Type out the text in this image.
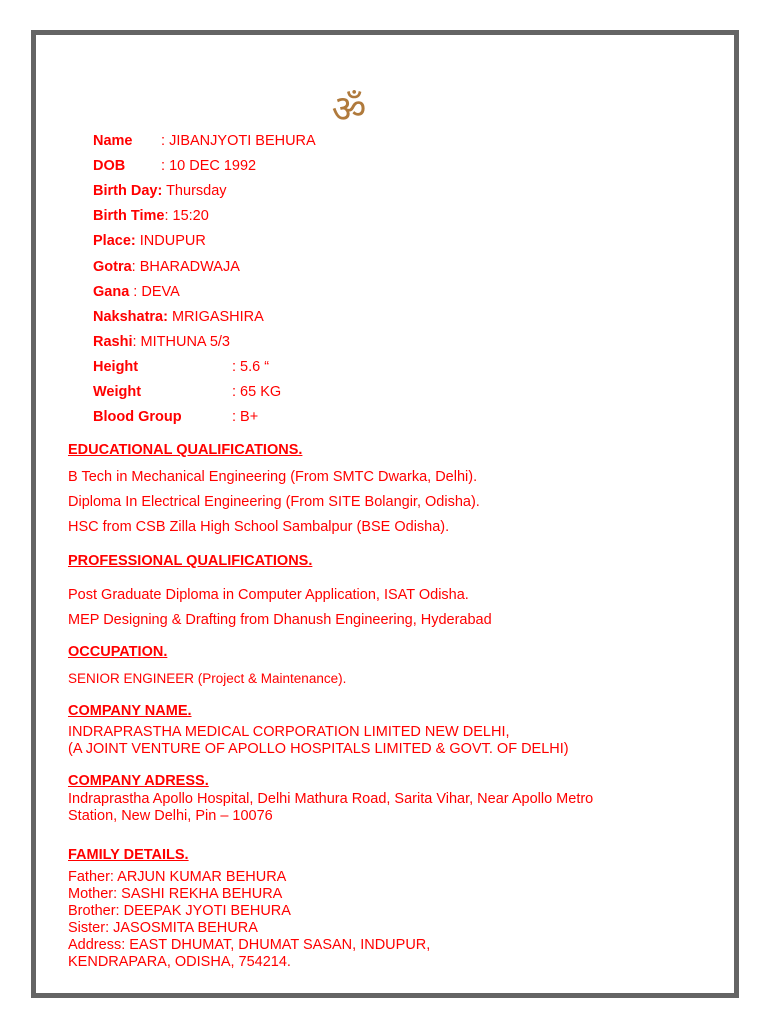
ॐ
Name : JIBANJYOTI BEHURA
DOB : 10 DEC 1992
Birth Day: Thursday
Birth Time: 15:20
Place: INDUPUR
Gotra: BHARADWAJA
Gana : DEVA
Nakshatra: MRIGASHIRA
Rashi: MITHUNA 5/3
Height	: 5.6 “
Weight	: 65 KG
Blood Group	: B+
EDUCATIONAL QUALIFICATIONS.
B Tech in Mechanical Engineering (From SMTC Dwarka, Delhi).
Diploma In Electrical Engineering (From SITE Bolangir, Odisha).
HSC from CSB Zilla High School Sambalpur (BSE Odisha).
PROFESSIONAL QUALIFICATIONS.
Post Graduate Diploma in Computer Application, ISAT Odisha.
MEP Designing & Drafting from Dhanush Engineering, Hyderabad
OCCUPATION.
SENIOR ENGINEER (Project & Maintenance).
COMPANY NAME.
INDRAPRASTHA MEDICAL CORPORATION LIMITED NEW DELHI,
(A JOINT VENTURE OF APOLLO HOSPITALS LIMITED & GOVT. OF DELHI)
COMPANY ADRESS.
Indraprastha Apollo Hospital, Delhi Mathura Road, Sarita Vihar, Near Apollo Metro
Station, New Delhi, Pin – 10076
FAMILY DETAILS.
Father: ARJUN KUMAR BEHURA
Mother: SASHI REKHA BEHURA
Brother: DEEPAK JYOTI BEHURA
Sister: JASOSMITA BEHURA
Address: EAST DHUMAT, DHUMAT SASAN, INDUPUR,
KENDRAPARA, ODISHA, 754214.
